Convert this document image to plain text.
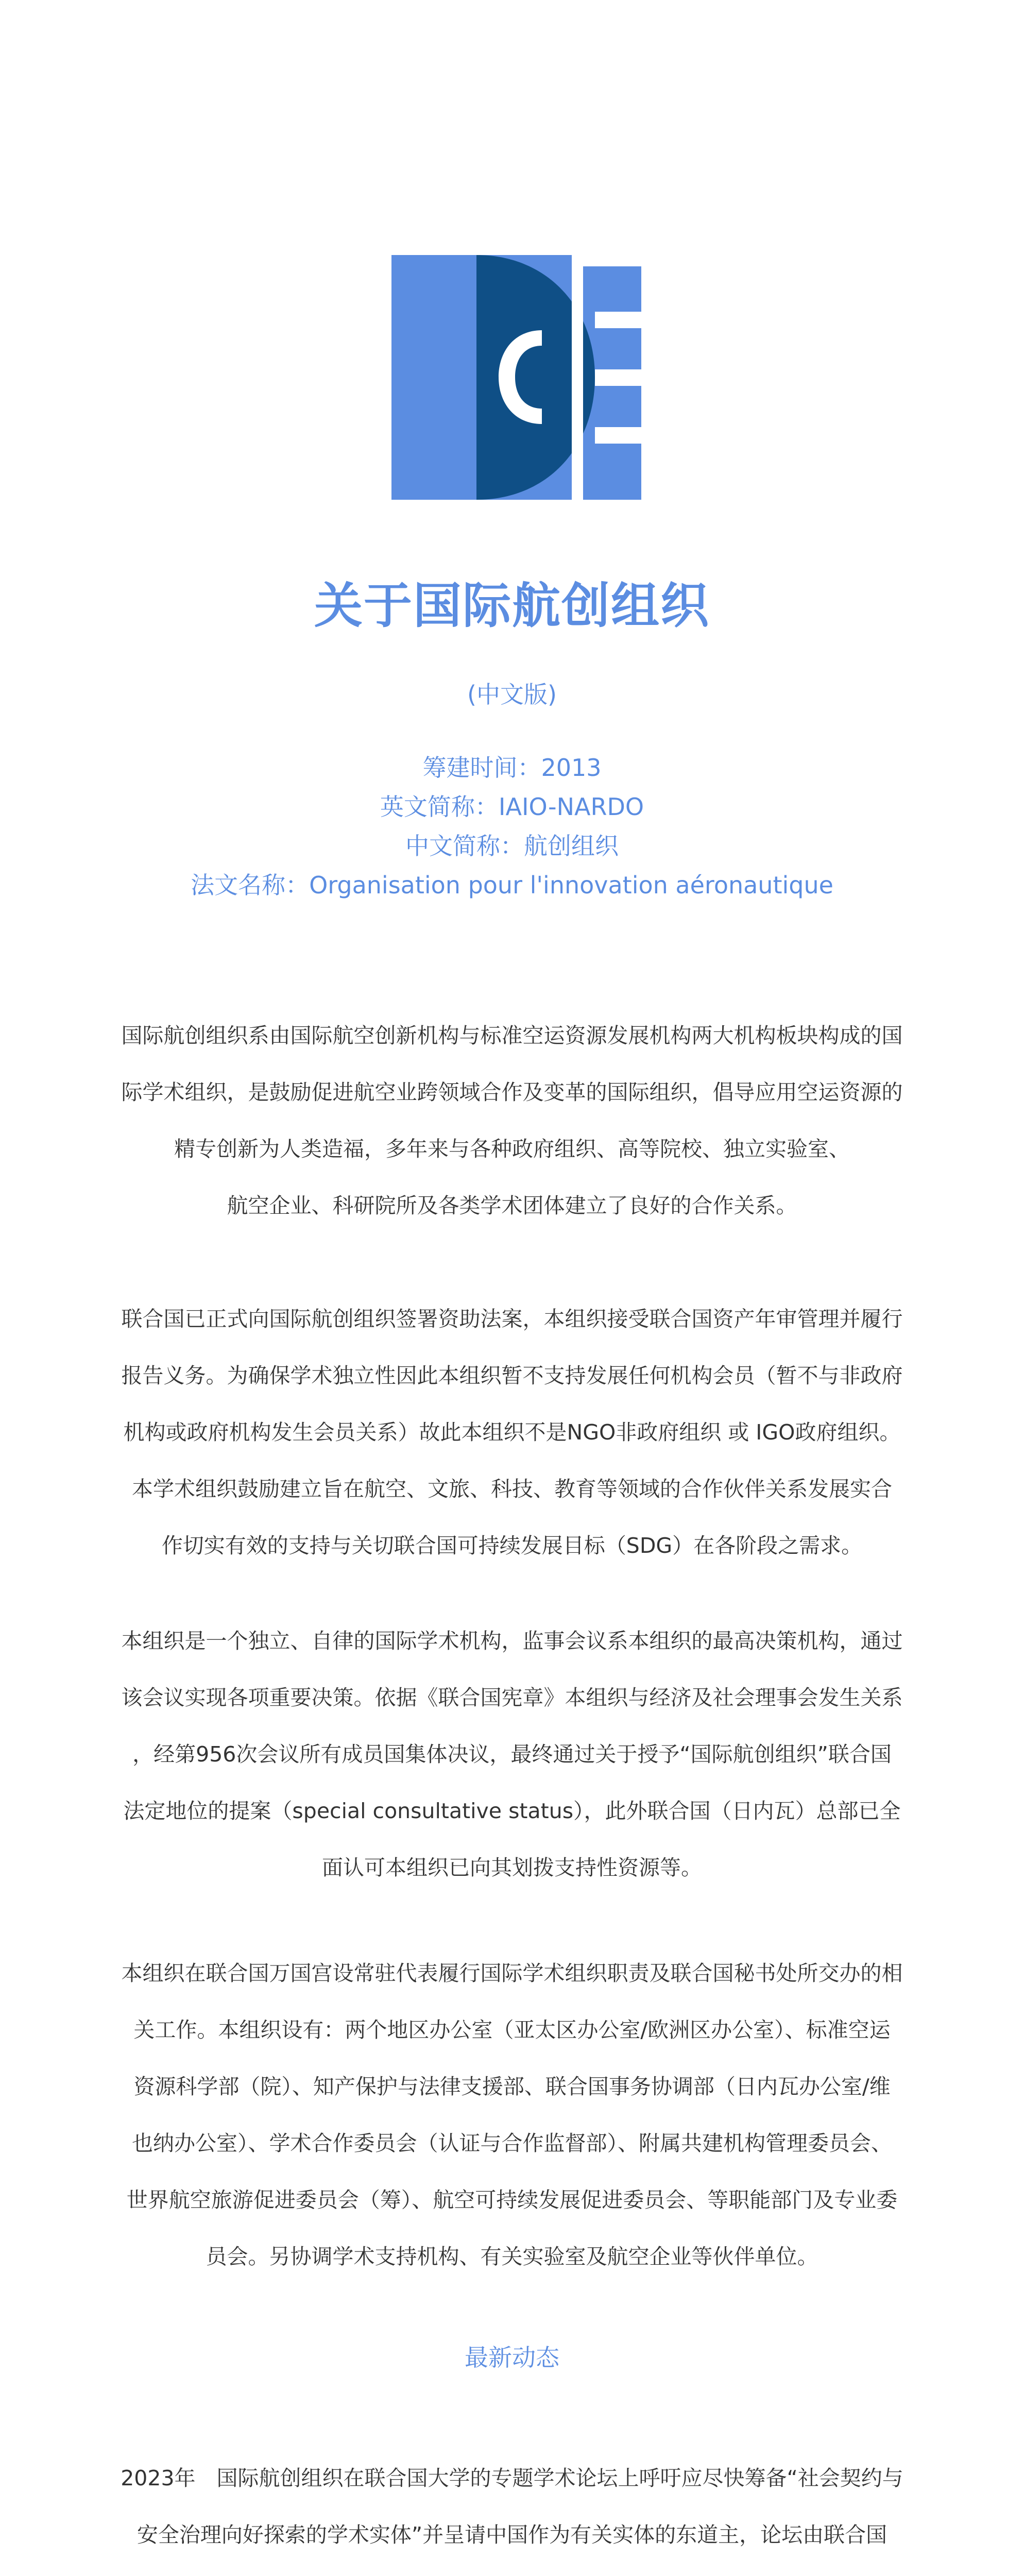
关于国际航创组织
(中文版)
筹建时间：2013
英文简称：IAIO-NARDO
中文简称：航创组织
法文名称：Organisation pour l'innovation aéronautique
国际航创组织系由国际航空创新机构与标准空运资源发展机构两大机构板块构成的国
际学术组织，是鼓励促进航空业跨领域合作及变革的国际组织，倡导应用空运资源的
精专创新为人类造福，多年来与各种政府组织、高等院校、独立实验室、
航空企业、科研院所及各类学术团体建立了良好的合作关系。
联合国已正式向国际航创组织签署资助法案，本组织接受联合国资产年审管理并履行
报告义务。为确保学术独立性因此本组织暂不支持发展任何机构会员（暂不与非政府
机构或政府机构发生会员关系）故此本组织不是NGO非政府组织 或 IGO政府组织。
本学术组织鼓励建立旨在航空、文旅、科技、教育等领域的合作伙伴关系发展实合
作切实有效的支持与关切联合国可持续发展目标（SDG）在各阶段之需求。
本组织是一个独立、自律的国际学术机构，监事会议系本组织的最高决策机构，通过
该会议实现各项重要决策。依据《联合国宪章》本组织与经济及社会理事会发生关系
，经第956次会议所有成员国集体决议，最终通过关于授予“国际航创组织”联合国
法定地位的提案（special consultative status），此外联合国（日内瓦）总部已全
面认可本组织已向其划拨支持性资源等。
本组织在联合国万国宫设常驻代表履行国际学术组织职责及联合国秘书处所交办的相
关工作。本组织设有：两个地区办公室（亚太区办公室/欧洲区办公室）、标准空运
资源科学部（院）、知产保护与法律支援部、联合国事务协调部（日内瓦办公室/维
也纳办公室）、学术合作委员会（认证与合作监督部）、附属共建机构管理委员会、
世界航空旅游促进委员会（筹）、航空可持续发展促进委员会、等职能部门及专业委
员会。另协调学术支持机构、有关实验室及航空企业等伙伴单位。
最新动态
2023年　国际航创组织在联合国大学的专题学术论坛上呼吁应尽快筹备“社会契约与
安全治理向好探索的学术实体”并呈请中国作为有关实体的东道主，论坛由联合国
